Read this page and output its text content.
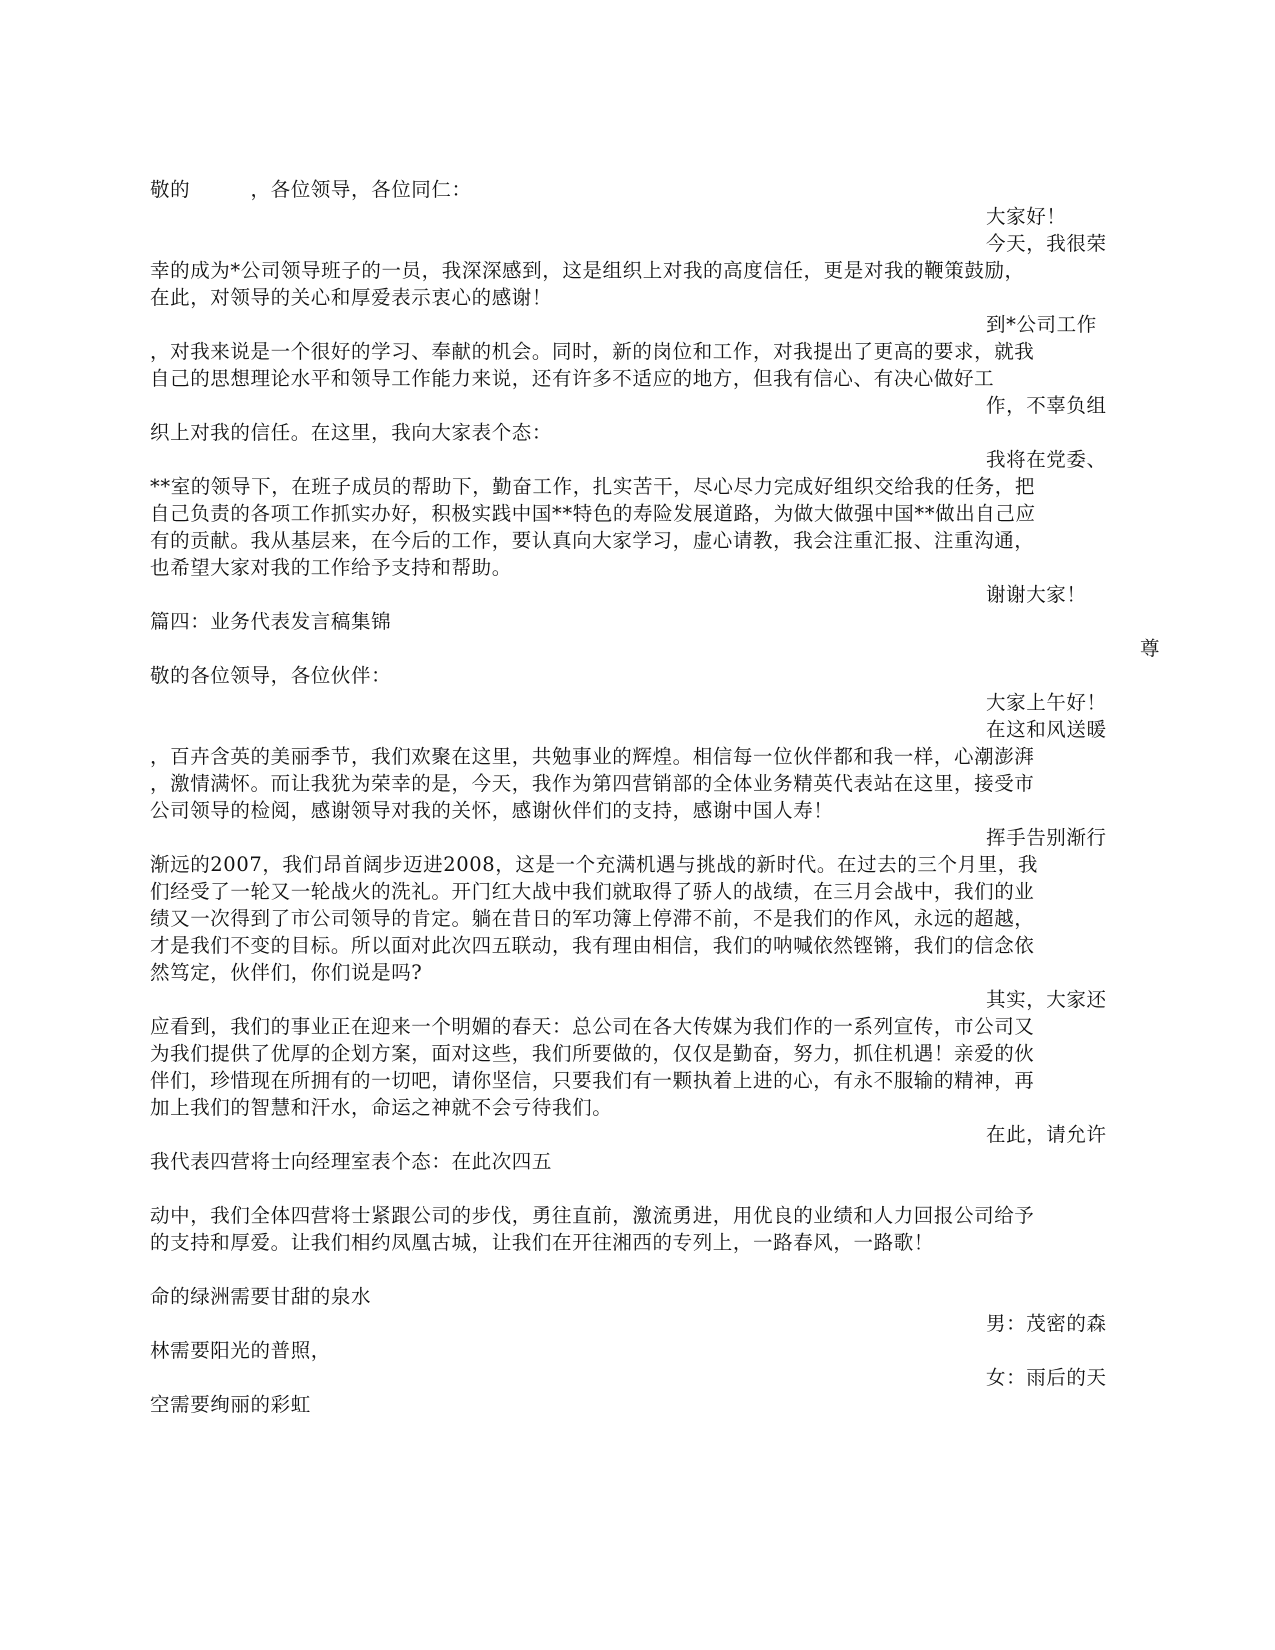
敬的　　　，各位领导，各位同仁：
大家好！
今天，我很荣
幸的成为*公司领导班子的一员，我深深感到，这是组织上对我的高度信任，更是对我的鞭策鼓励，
在此，对领导的关心和厚爱表示衷心的感谢！
到*公司工作
，对我来说是一个很好的学习、奉献的机会。同时，新的岗位和工作，对我提出了更高的要求，就我
自己的思想理论水平和领导工作能力来说，还有许多不适应的地方，但我有信心、有决心做好工
作，不辜负组
织上对我的信任。在这里，我向大家表个态：
我将在党委、
**室的领导下，在班子成员的帮助下，勤奋工作，扎实苦干，尽心尽力完成好组织交给我的任务，把
自己负责的各项工作抓实办好，积极实践中国**特色的寿险发展道路，为做大做强中国**做出自己应
有的贡献。我从基层来，在今后的工作，要认真向大家学习，虚心请教，我会注重汇报、注重沟通，
也希望大家对我的工作给予支持和帮助。
谢谢大家！
篇四：业务代表发言稿集锦
尊
敬的各位领导，各位伙伴：
大家上午好！
在这和风送暖
，百卉含英的美丽季节，我们欢聚在这里，共勉事业的辉煌。相信每一位伙伴都和我一样，心潮澎湃
，激情满怀。而让我犹为荣幸的是，今天，我作为第四营销部的全体业务精英代表站在这里，接受市
公司领导的检阅，感谢领导对我的关怀，感谢伙伴们的支持，感谢中国人寿！
挥手告别渐行
渐远的2007，我们昂首阔步迈进2008，这是一个充满机遇与挑战的新时代。在过去的三个月里，我
们经受了一轮又一轮战火的洗礼。开门红大战中我们就取得了骄人的战绩，在三月会战中，我们的业
绩又一次得到了市公司领导的肯定。躺在昔日的军功簿上停滞不前，不是我们的作风，永远的超越，
才是我们不变的目标。所以面对此次四五联动，我有理由相信，我们的呐喊依然铿锵，我们的信念依
然笃定，伙伴们，你们说是吗?
其实，大家还
应看到，我们的事业正在迎来一个明媚的春天：总公司在各大传媒为我们作的一系列宣传，市公司又
为我们提供了优厚的企划方案，面对这些，我们所要做的，仅仅是勤奋，努力，抓住机遇！亲爱的伙
伴们，珍惜现在所拥有的一切吧，请你坚信，只要我们有一颗执着上进的心，有永不服输的精神，再
加上我们的智慧和汗水，命运之神就不会亏待我们。
在此，请允许
我代表四营将士向经理室表个态：在此次四五
动中，我们全体四营将士紧跟公司的步伐，勇往直前，激流勇进，用优良的业绩和人力回报公司给予
的支持和厚爱。让我们相约凤凰古城，让我们在开往湘西的专列上，一路春风，一路歌！
命的绿洲需要甘甜的泉水
男：茂密的森
林需要阳光的普照，
女：雨后的天
空需要绚丽的彩虹
